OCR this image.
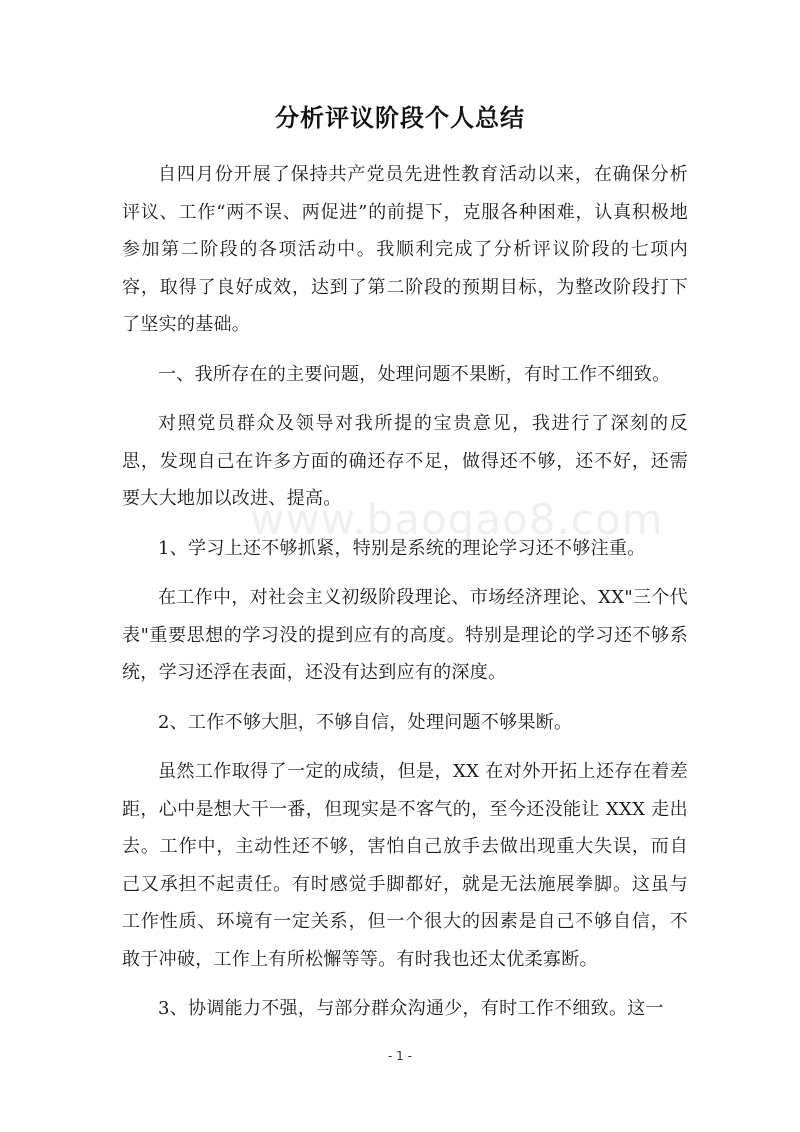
分析评议阶段个人总结
www.baogao8.com

自四月份开展了保持共产党员先进性教育活动以来，在确保分析评议、工作“两不误、两促进”的前提下，克服各种困难，认真积极地参加第二阶段的各项活动中。我顺利完成了分析评议阶段的七项内容，取得了良好成效，达到了第二阶段的预期目标，为整改阶段打下了坚实的基础。

一、我所存在的主要问题，处理问题不果断，有时工作不细致。

对照党员群众及领导对我所提的宝贵意见，我进行了深刻的反思，发现自己在许多方面的确还存不足，做得还不够，还不好，还需要大大地加以改进、提高。

1、学习上还不够抓紧，特别是系统的理论学习还不够注重。

在工作中，对社会主义初级阶段理论、市场经济理论、XX"三个代表"重要思想的学习没的提到应有的高度。特别是理论的学习还不够系统，学习还浮在表面，还没有达到应有的深度。

2、工作不够大胆，不够自信，处理问题不够果断。

虽然工作取得了一定的成绩，但是，XX 在对外开拓上还存在着差距，心中是想大干一番，但现实是不客气的，至今还没能让 XXX 走出去。工作中，主动性还不够，害怕自己放手去做出现重大失误，而自己又承担不起责任。有时感觉手脚都好，就是无法施展拳脚。这虽与工作性质、环境有一定关系，但一个很大的因素是自己不够自信，不敢于冲破，工作上有所松懈等等。有时我也还太优柔寡断。

3、协调能力不强，与部分群众沟通少，有时工作不细致。这一

- 1 -
